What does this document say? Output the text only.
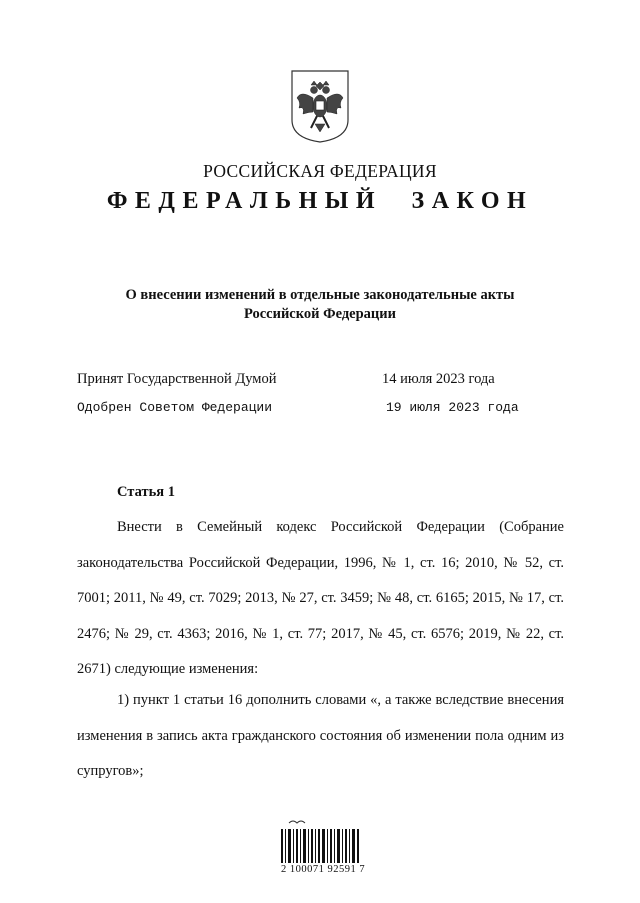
РОССИЙСКАЯ ФЕДЕРАЦИЯ
ФЕДЕРАЛЬНЫЙ ЗАКОН
О внесении изменений в отдельные законодательные акты
Российской Федерации
Принят Государственной Думой	14 июля 2023 года
Одобрен Советом Федерации	19 июля 2023 года
Статья 1
Внести в Семейный кодекс Российской Федерации (Собрание законодательства Российской Федерации, 1996, № 1, ст. 16; 2010, № 52, ст. 7001; 2011, № 49, ст. 7029; 2013, № 27, ст. 3459; № 48, ст. 6165; 2015, № 17, ст. 2476; № 29, ст. 4363; 2016, № 1, ст. 77; 2017, № 45, ст. 6576; 2019, № 22, ст. 2671) следующие изменения:
1) пункт 1 статьи 16 дополнить словами «, а также вследствие внесения изменения в запись акта гражданского состояния об изменении пола одним из супругов»;
2 100071 92591 7
